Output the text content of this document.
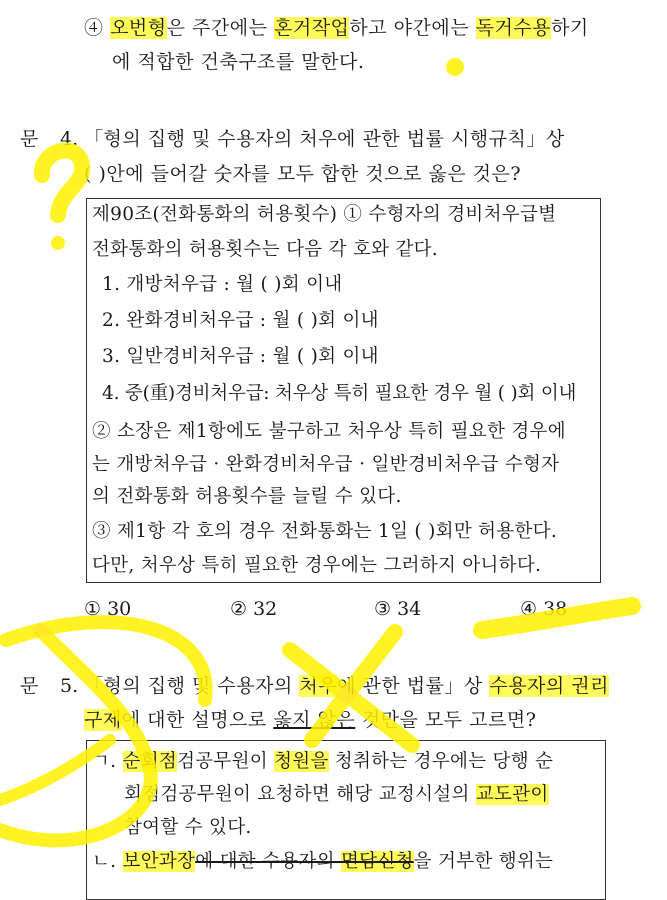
④ 오번형은 주간에는 혼거작업하고 야간에는 독거수용하기
에 적합한 건축구조를 말한다.
문 4. 「형의 집행 및 수용자의 처우에 관한 법률 시행규칙」상
( )안에 들어갈 숫자를 모두 합한 것으로 옳은 것은?
제90조(전화통화의 허용횟수) ① 수형자의 경비처우급별
전화통화의 허용횟수는 다음 각 호와 같다.
1. 개방처우급 : 월 ( )회 이내
2. 완화경비처우급 : 월 ( )회 이내
3. 일반경비처우급 : 월 ( )회 이내
4. 중(重)경비처우급: 처우상 특히 필요한 경우 월 ( )회 이내
② 소장은 제1항에도 불구하고 처우상 특히 필요한 경우에
는 개방처우급 · 완화경비처우급 · 일반경비처우급 수형자
의 전화통화 허용횟수를 늘릴 수 있다.
③ 제1항 각 호의 경우 전화통화는 1일 ( )회만 허용한다.
다만, 처우상 특히 필요한 경우에는 그러하지 아니하다.
① 30	② 32	③ 34	④ 38
문 5. 「형의 집행 및 수용자의 처우에 관한 법률」상 수용자의 권리
구제에 대한 설명으로 옳지 않은 것만을 모두 고르면?
ㄱ. 순회점검공무원이 청원을 청취하는 경우에는 당행 순
회점검공무원이 요청하면 해당 교정시설의 교도관이
참여할 수 있다.
ㄴ. 보안과장에 대한 수용자의 면담신청을 거부한 행위는
